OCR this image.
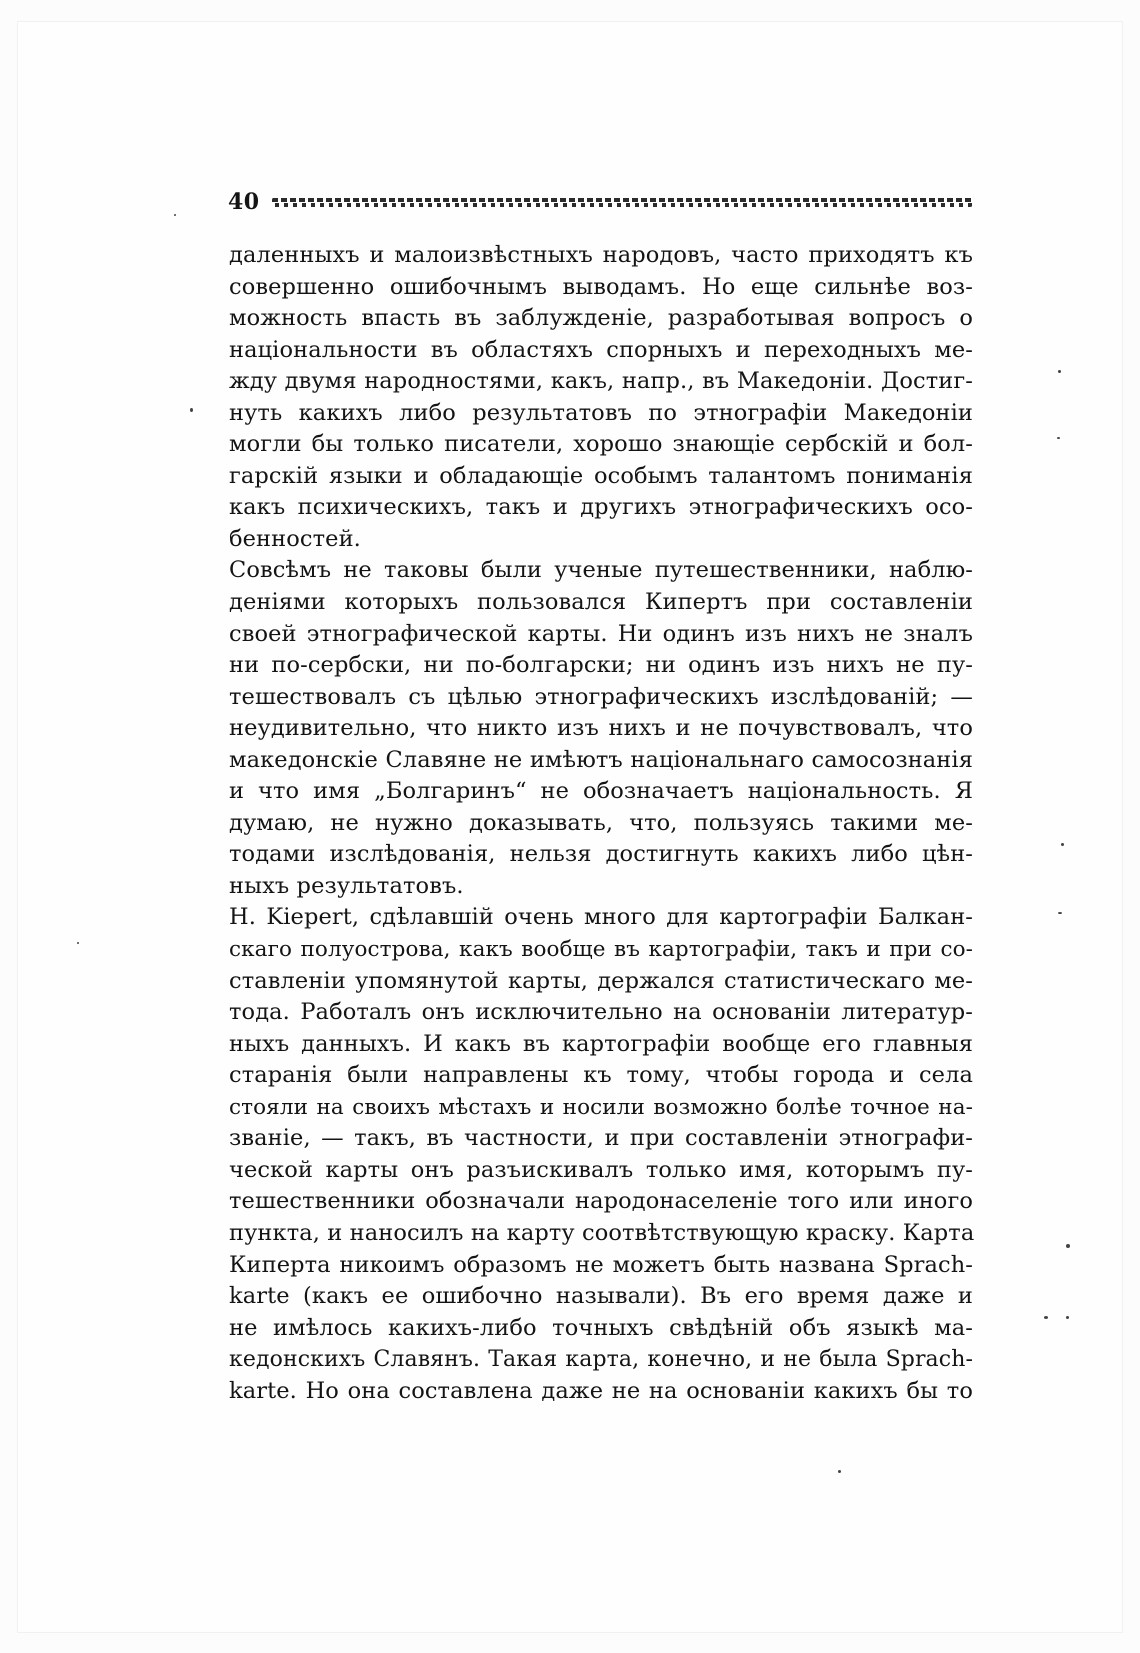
40
даленныхъ и малоизвѣстныхъ народовъ, часто приходятъ къ
совершенно ошибочнымъ выводамъ. Но еще сильнѣе воз-
можность впасть въ заблужденіе, разработывая вопросъ о
національности въ областяхъ спорныхъ и переходныхъ ме-
жду двумя народностями, какъ, напр., въ Македоніи. Достиг-
нуть какихъ либо результатовъ по этнографіи Македоніи
могли бы только писатели, хорошо знающіе сербскій и бол-
гарскій языки и обладающіе особымъ талантомъ пониманія
какъ психическихъ, такъ и другихъ этнографическихъ осо-
бенностей.
Совсѣмъ не таковы были ученые путешественники, наблю-
деніями которыхъ пользовался Кипертъ при составленіи
своей этнографической карты. Ни одинъ изъ нихъ не зналъ
ни по-сербски, ни по-болгарски; ни одинъ изъ нихъ не пу-
тешествовалъ съ цѣлью этнографическихъ изслѣдованій; —
неудивительно, что никто изъ нихъ и не почувствовалъ, что
македонскіе Славяне не имѣютъ національнаго самосознанія
и что имя „Болгаринъ“ не обозначаетъ національность. Я
думаю, не нужно доказывать, что, пользуясь такими ме-
тодами изслѣдованія, нельзя достигнуть какихъ либо цѣн-
ныхъ результатовъ.
H. Kiepert, сдѣлавшій очень много для картографіи Балкан-
скаго полуострова, какъ вообще въ картографіи, такъ и при со-
ставленіи упомянутой карты, держался статистическаго ме-
тода. Работалъ онъ исключительно на основаніи литератур-
ныхъ данныхъ. И какъ въ картографіи вообще его главныя
старанія были направлены къ тому, чтобы города и села
стояли на своихъ мѣстахъ и носили возможно болѣе точное на-
званіе, — такъ, въ частности, и при составленіи этнографи-
ческой карты онъ разъискивалъ только имя, которымъ пу-
тешественники обозначали народонаселеніе того или иного
пункта, и наносилъ на карту соотвѣтствующую краску. Карта
Киперта никоимъ образомъ не можетъ быть названа Sprach-
karte (какъ ее ошибочно называли). Въ его время даже и
не имѣлось какихъ-либо точныхъ свѣдѣній объ языкѣ ма-
кедонскихъ Славянъ. Такая карта, конечно, и не была Sprach-
karte. Но она составлена даже не на основаніи какихъ бы то
